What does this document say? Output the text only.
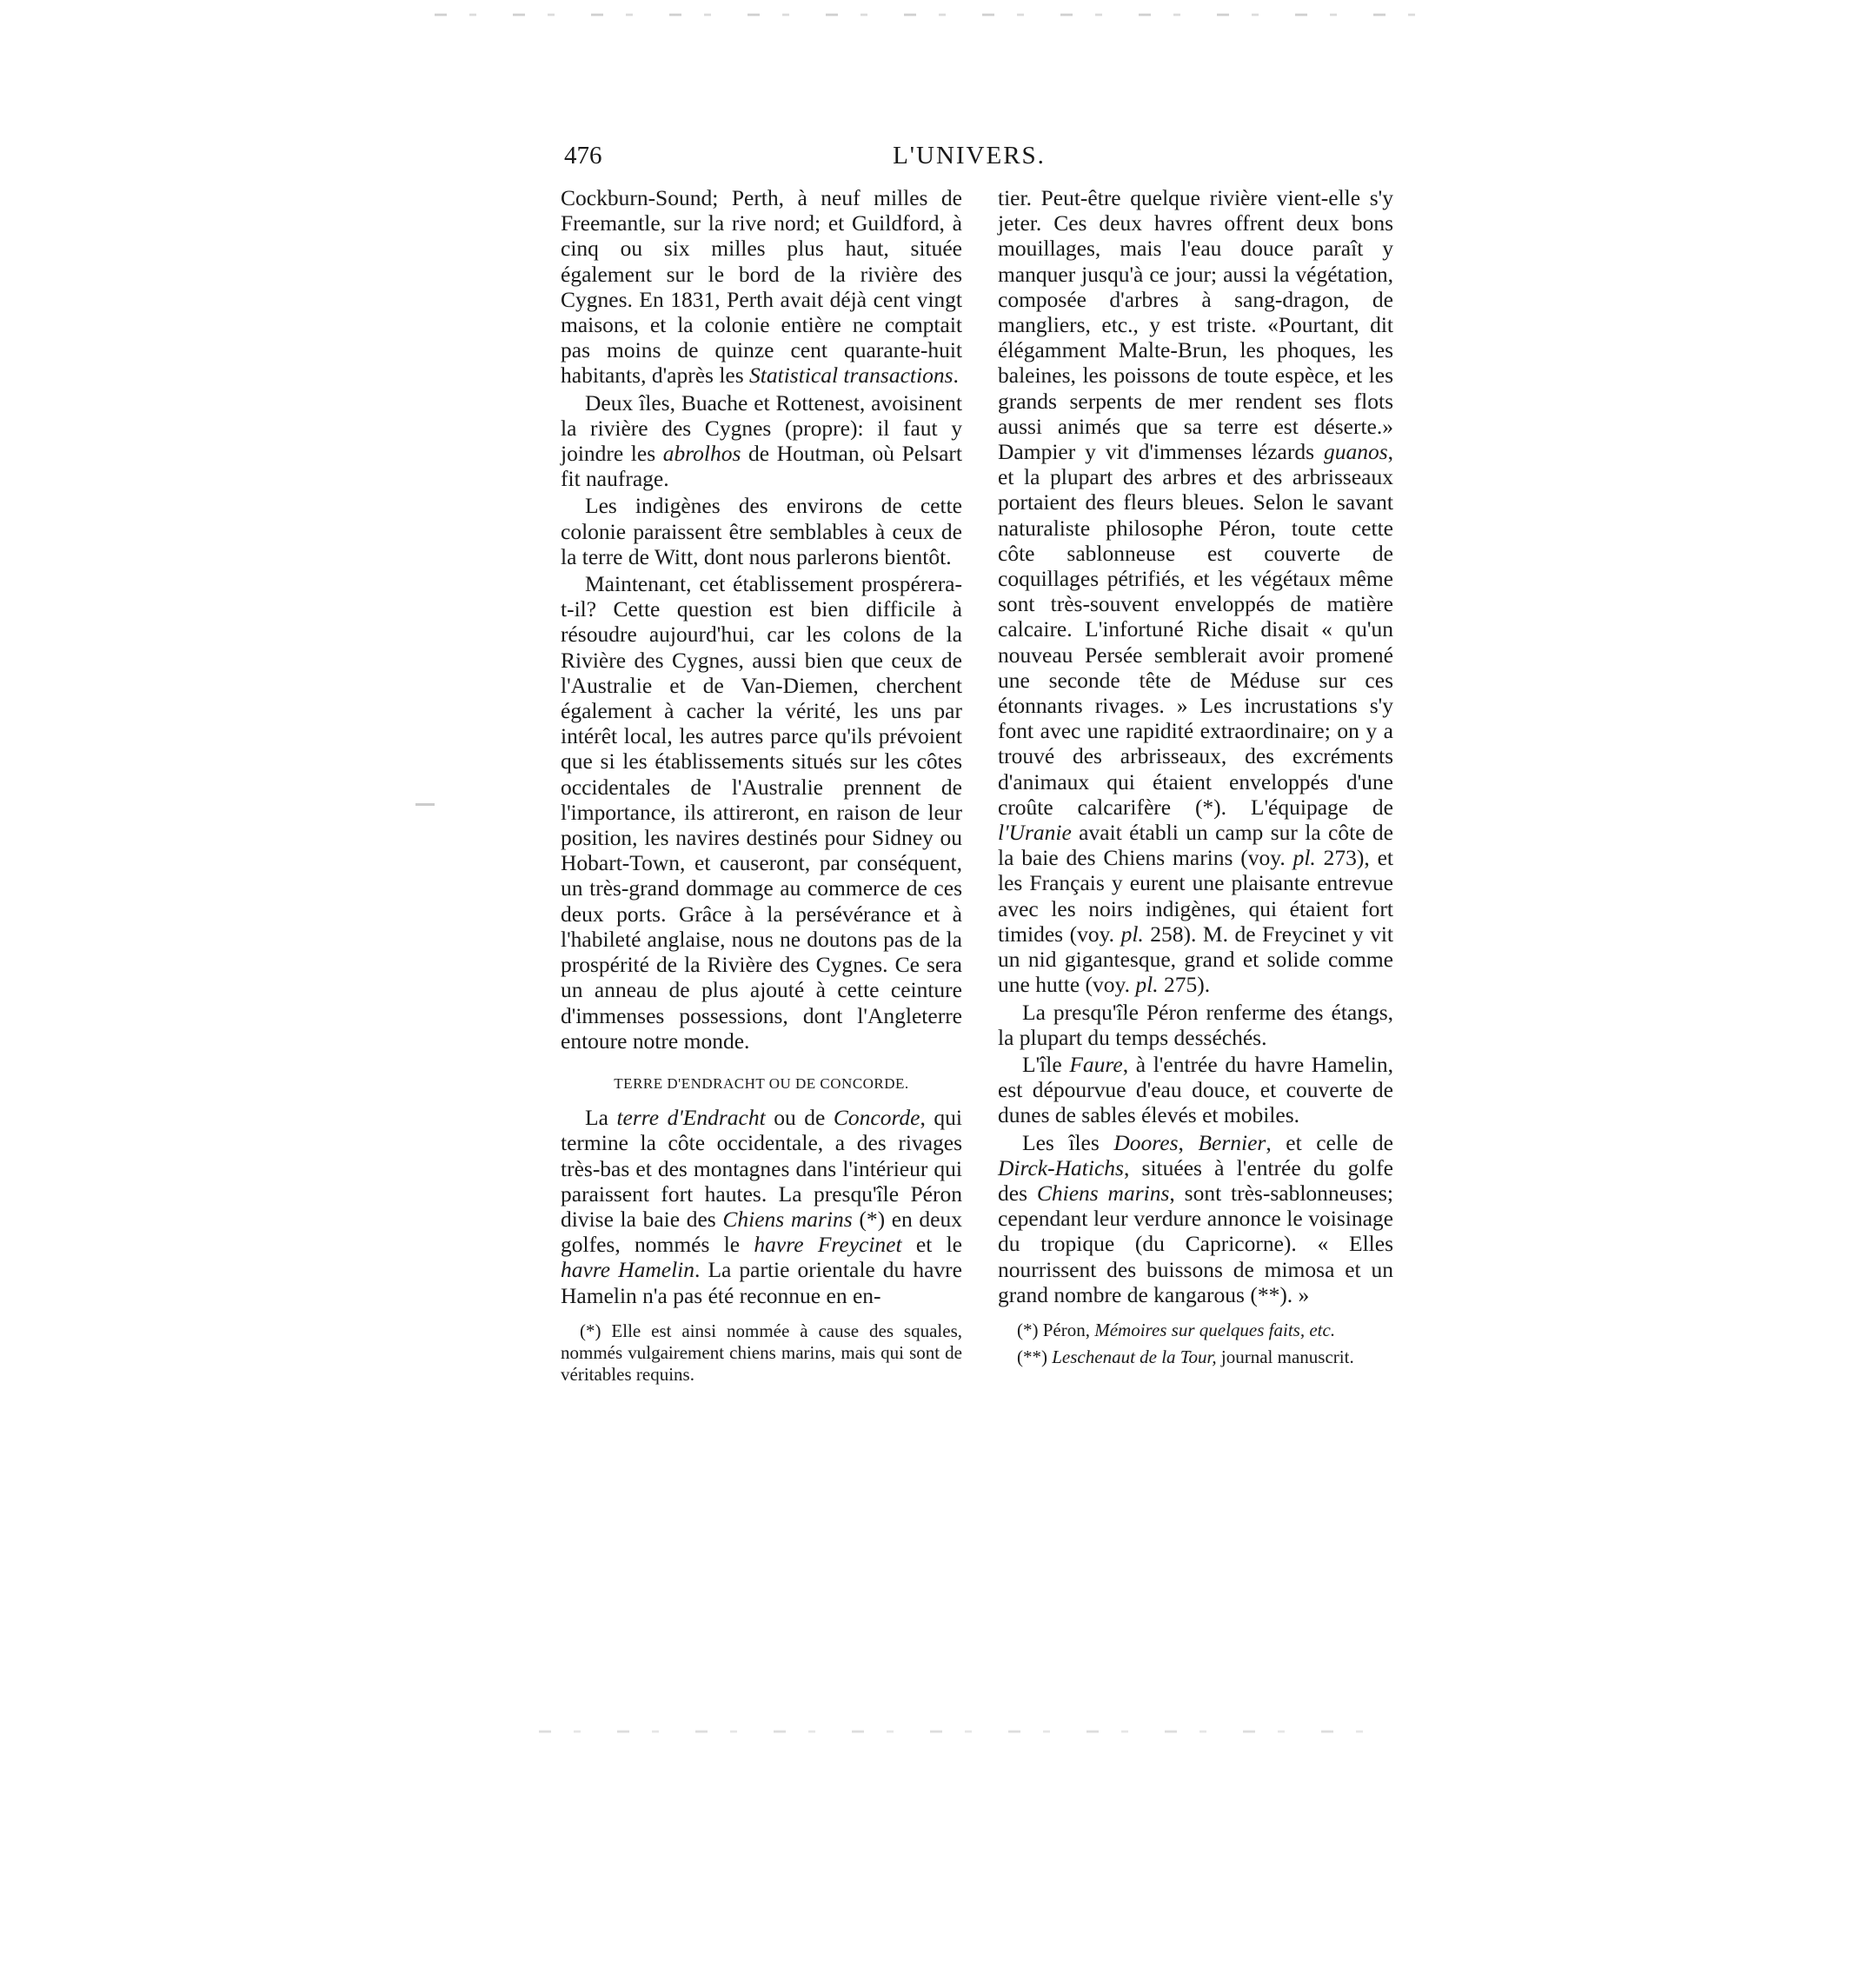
476	L'UNIVERS.

Cockburn-Sound; Perth, à neuf milles de Freemantle, sur la rive nord; et Guildford, à cinq ou six milles plus haut, située également sur le bord de la rivière des Cygnes. En 1831, Perth avait déjà cent vingt maisons, et la colonie entière ne comptait pas moins de quinze cent quarante-huit habitants, d'après les Statistical transactions.

Deux îles, Buache et Rottenest, avoisinent la rivière des Cygnes (propre): il faut y joindre les abrolhos de Houtman, où Pelsart fit naufrage.

Les indigènes des environs de cette colonie paraissent être semblables à ceux de la terre de Witt, dont nous parlerons bientôt.

Maintenant, cet établissement prospérera-t-il? Cette question est bien difficile à résoudre aujourd'hui, car les colons de la Rivière des Cygnes, aussi bien que ceux de l'Australie et de Van-Diemen, cherchent également à cacher la vérité, les uns par intérêt local, les autres parce qu'ils prévoient que si les établissements situés sur les côtes occidentales de l'Australie prennent de l'importance, ils attireront, en raison de leur position, les navires destinés pour Sidney ou Hobart-Town, et causeront, par conséquent, un très-grand dommage au commerce de ces deux ports. Grâce à la persévérance et à l'habileté anglaise, nous ne doutons pas de la prospérité de la Rivière des Cygnes. Ce sera un anneau de plus ajouté à cette ceinture d'immenses possessions, dont l'Angleterre entoure notre monde.

TERRE D'ENDRACHT OU DE CONCORDE.

La terre d'Endracht ou de Concorde, qui termine la côte occidentale, a des rivages très-bas et des montagnes dans l'intérieur qui paraissent fort hautes. La presqu'île Péron divise la baie des Chiens marins (*) en deux golfes, nommés le havre Freycinet et le havre Hamelin. La partie orientale du havre Hamelin n'a pas été reconnue en en-

(*) Elle est ainsi nommée à cause des squales, nommés vulgairement chiens marins, mais qui sont de véritables requins.

tier. Peut-être quelque rivière vient-elle s'y jeter. Ces deux havres offrent deux bons mouillages, mais l'eau douce paraît y manquer jusqu'à ce jour; aussi la végétation, composée d'arbres à sang-dragon, de mangliers, etc., y est triste. «Pourtant, dit élégamment Malte-Brun, les phoques, les baleines, les poissons de toute espèce, et les grands serpents de mer rendent ses flots aussi animés que sa terre est déserte.» Dampier y vit d'immenses lézards guanos, et la plupart des arbres et des arbrisseaux portaient des fleurs bleues. Selon le savant naturaliste philosophe Péron, toute cette côte sablonneuse est couverte de coquillages pétrifiés, et les végétaux même sont très-souvent enveloppés de matière calcaire. L'infortuné Riche disait « qu'un nouveau Persée semblerait avoir promené une seconde tête de Méduse sur ces étonnants rivages. » Les incrustations s'y font avec une rapidité extraordinaire; on y a trouvé des arbrisseaux, des excréments d'animaux qui étaient enveloppés d'une croûte calcarifère (*). L'équipage de l'Uranie avait établi un camp sur la côte de la baie des Chiens marins (voy. pl. 273), et les Français y eurent une plaisante entrevue avec les noirs indigènes, qui étaient fort timides (voy. pl. 258). M. de Freycinet y vit un nid gigantesque, grand et solide comme une hutte (voy. pl. 275).

La presqu'île Péron renferme des étangs, la plupart du temps desséchés.

L'île Faure, à l'entrée du havre Hamelin, est dépourvue d'eau douce, et couverte de dunes de sables élevés et mobiles.

Les îles Doores, Bernier, et celle de Dirck-Hatichs, situées à l'entrée du golfe des Chiens marins, sont très-sablonneuses; cependant leur verdure annonce le voisinage du tropique (du Capricorne). « Elles nourrissent des buissons de mimosa et un grand nombre de kangarous (**). »

(*) Péron, Mémoires sur quelques faits, etc.

(**) Leschenaut de la Tour, journal manuscrit.
